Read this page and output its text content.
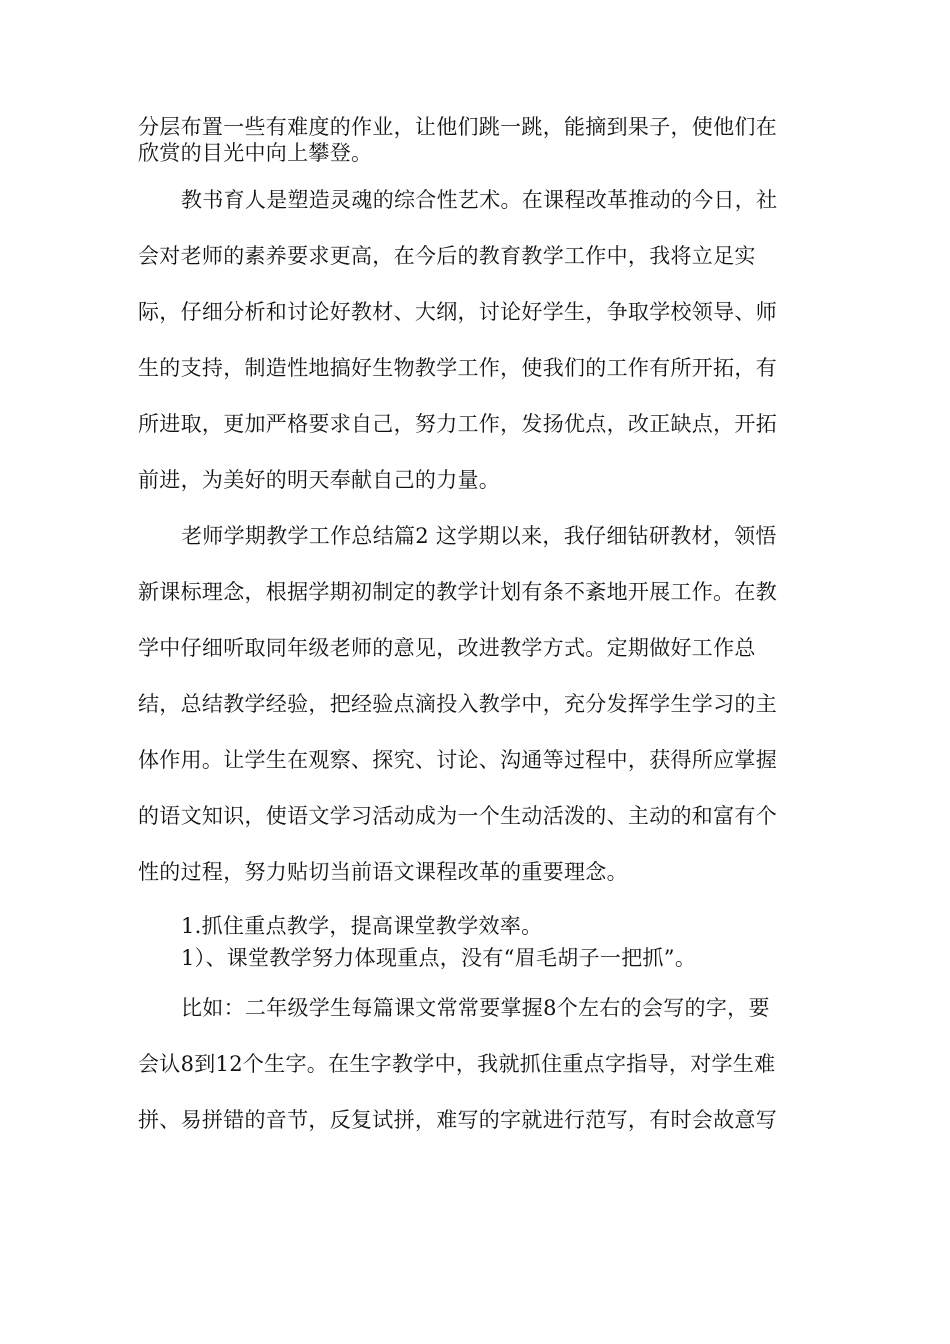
分层布置一些有难度的作业，让他们跳一跳，能摘到果子，使他们在
欣赏的目光中向上攀登。
教书育人是塑造灵魂的综合性艺术。在课程改革推动的今日，社
会对老师的素养要求更高，在今后的教育教学工作中，我将立足实
际，仔细分析和讨论好教材、大纲，讨论好学生，争取学校领导、师
生的支持，制造性地搞好生物教学工作，使我们的工作有所开拓，有
所进取，更加严格要求自己，努力工作，发扬优点，改正缺点，开拓
前进，为美好的明天奉献自己的力量。
老师学期教学工作总结篇2 这学期以来，我仔细钻研教材，领悟
新课标理念，根据学期初制定的教学计划有条不紊地开展工作。在教
学中仔细听取同年级老师的意见，改进教学方式。定期做好工作总
结，总结教学经验，把经验点滴投入教学中，充分发挥学生学习的主
体作用。让学生在观察、探究、讨论、沟通等过程中，获得所应掌握
的语文知识，使语文学习活动成为一个生动活泼的、主动的和富有个
性的过程，努力贴切当前语文课程改革的重要理念。
1.抓住重点教学，提高课堂教学效率。
1）、课堂教学努力体现重点，没有“眉毛胡子一把抓”。
比如：二年级学生每篇课文常常要掌握8个左右的会写的字，要
会认8到12个生字。在生字教学中，我就抓住重点字指导，对学生难
拼、易拼错的音节，反复试拼，难写的字就进行范写，有时会故意写
